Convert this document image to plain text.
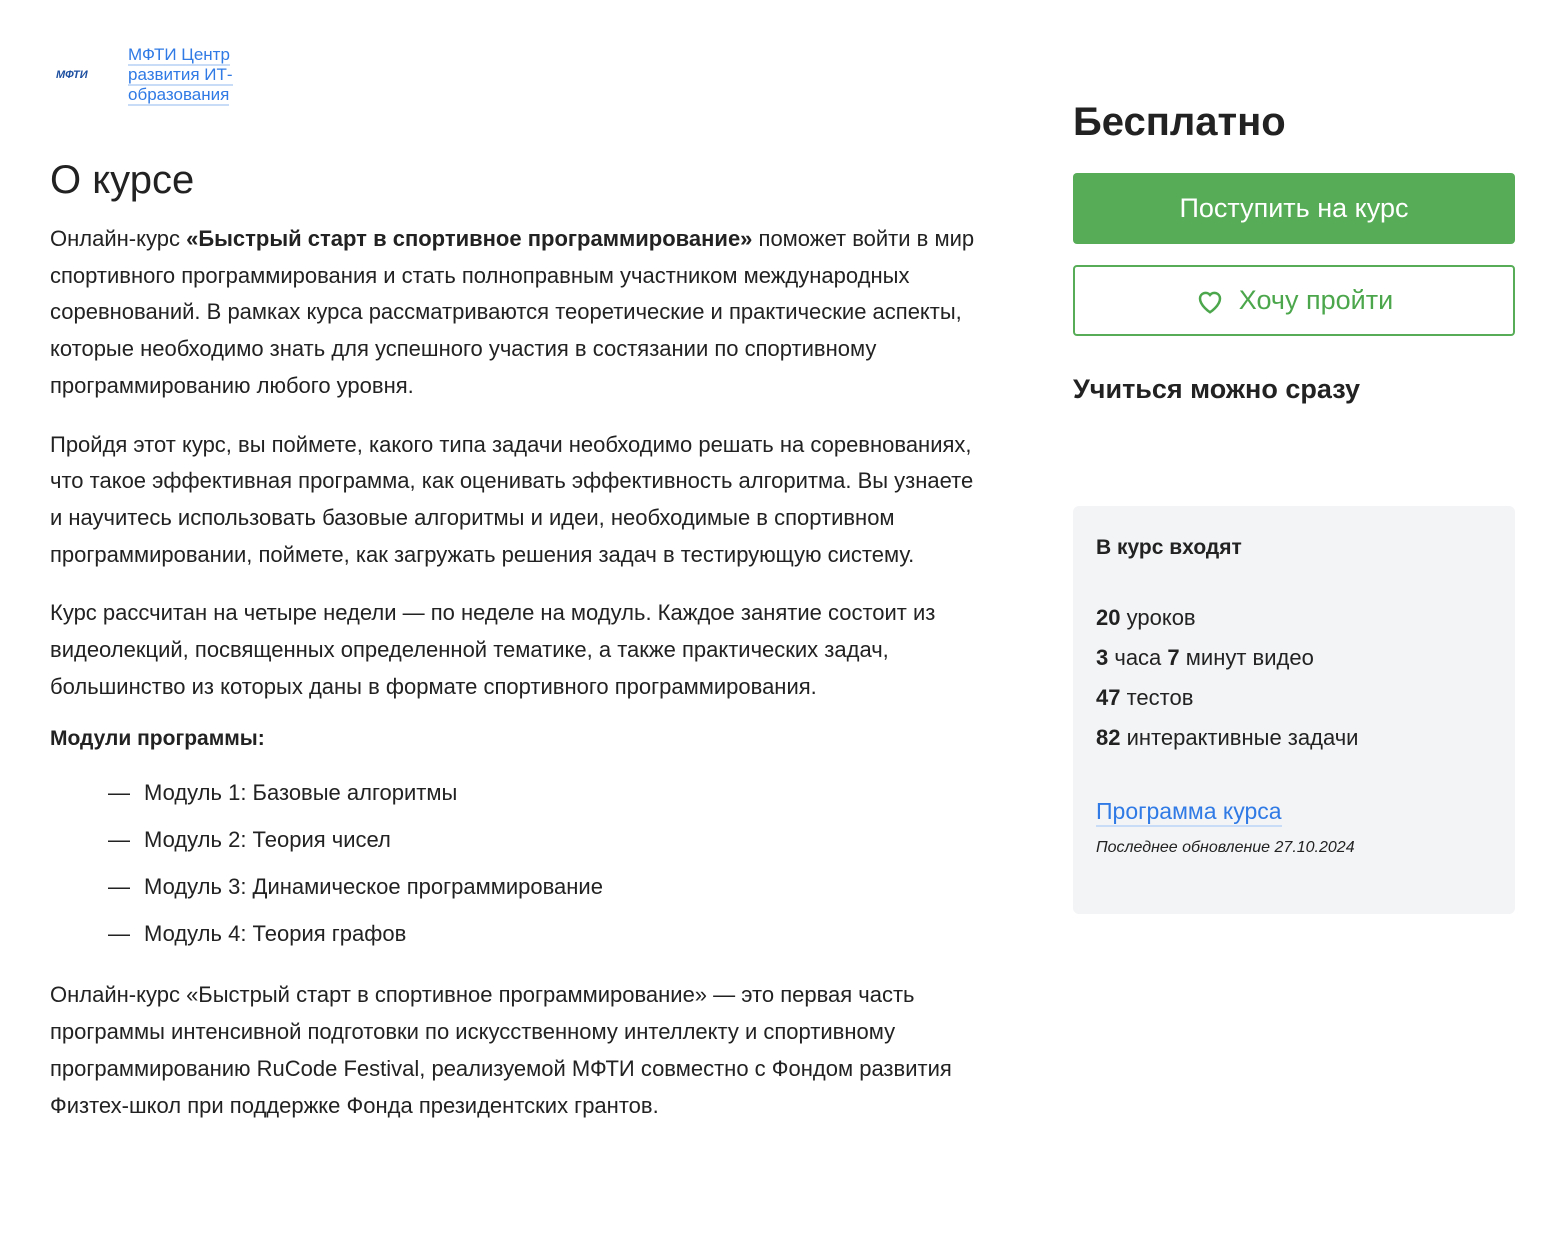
МФТИ
МФТИ Центр развития ИТ-образования
О курсе

Онлайн-курс «Быстрый старт в спортивное программирование» поможет войти в мир спортивного программирования и стать полноправным участником международных соревнований. В рамках курса рассматриваются теоретические и практические аспекты, которые необходимо знать для успешного участия в состязании по спортивному программированию любого уровня.

Пройдя этот курс, вы поймете, какого типа задачи необходимо решать на соревнованиях, что такое эффективная программа, как оценивать эффективность алгоритма. Вы узнаете и научитесь использовать базовые алгоритмы и идеи, необходимые в спортивном программировании, поймете, как загружать решения задач в тестирующую систему.

Курс рассчитан на четыре недели — по неделе на модуль. Каждое занятие состоит из видеолекций, посвященных определенной тематике, а также практических задач, большинство из которых даны в формате спортивного программирования.

Модули программы:
— Модуль 1: Базовые алгоритмы
— Модуль 2: Теория чисел
— Модуль 3: Динамическое программирование
— Модуль 4: Теория графов

Онлайн-курс «Быстрый старт в спортивное программирование» — это первая часть программы интенсивной подготовки по искусственному интеллекту и спортивному программированию RuCode Festival, реализуемой МФТИ совместно с Фондом развития Физтех-школ при поддержке Фонда президентских грантов.

Бесплатно
Поступить на курс
Хочу пройти
Учиться можно сразу
В курс входят
20 уроков
3 часа 7 минут видео
47 тестов
82 интерактивные задачи
Программа курса
Последнее обновление 27.10.2024
